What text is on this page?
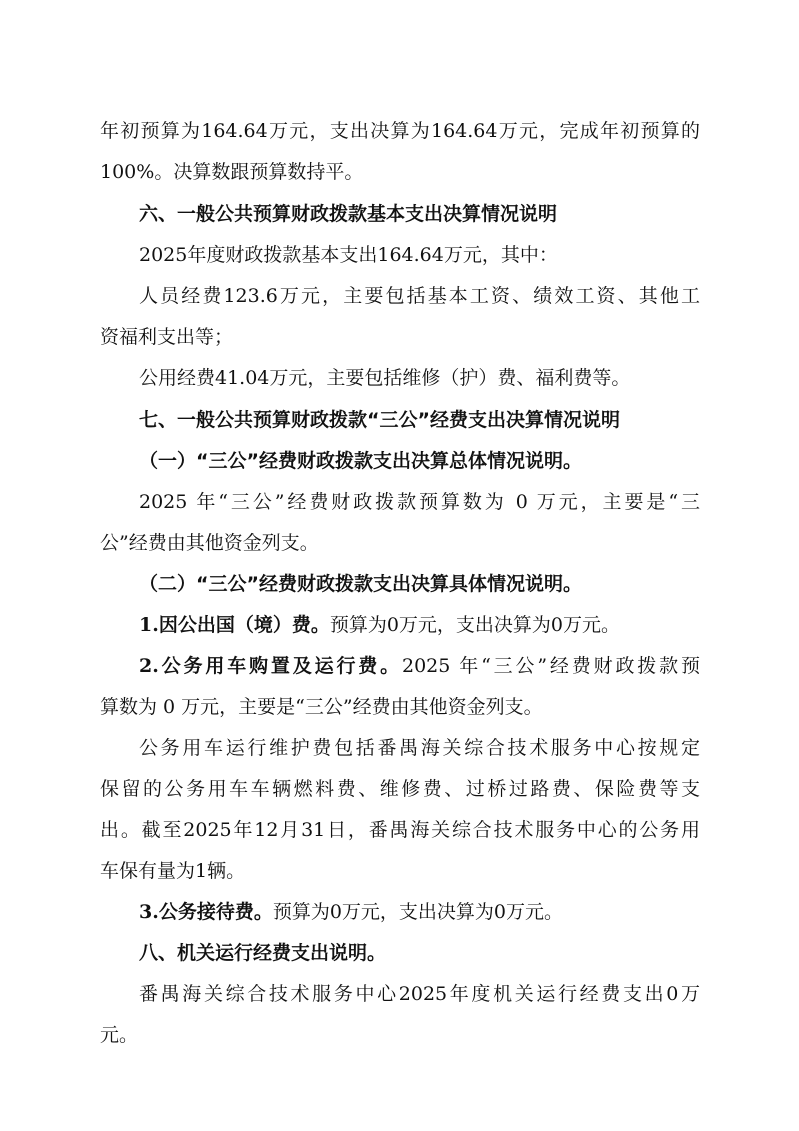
年初预算为164.64万元，支出决算为164.64万元，完成年初预算的
100%。决算数跟预算数持平。
六、一般公共预算财政拨款基本支出决算情况说明
2025年度财政拨款基本支出164.64万元，其中：
人员经费123.6万元，主要包括基本工资、绩效工资、其他工
资福利支出等；
公用经费41.04万元，主要包括维修（护）费、福利费等。
七、一般公共预算财政拨款“三公”经费支出决算情况说明
（一）“三公”经费财政拨款支出决算总体情况说明。
2025 年“三公”经费财政拨款预算数为 0 万元，主要是“三
公”经费由其他资金列支。
（二）“三公”经费财政拨款支出决算具体情况说明。
1.因公出国（境）费。预算为0万元，支出决算为0万元。
2.公务用车购置及运行费。2025 年“三公”经费财政拨款预
算数为 0 万元，主要是“三公”经费由其他资金列支。
公务用车运行维护费包括番禺海关综合技术服务中心按规定
保留的公务用车车辆燃料费、维修费、过桥过路费、保险费等支
出。截至2025年12月31日，番禺海关综合技术服务中心的公务用
车保有量为1辆。
3.公务接待费。预算为0万元，支出决算为0万元。
八、机关运行经费支出说明。
番禺海关综合技术服务中心2025年度机关运行经费支出0万
元。
